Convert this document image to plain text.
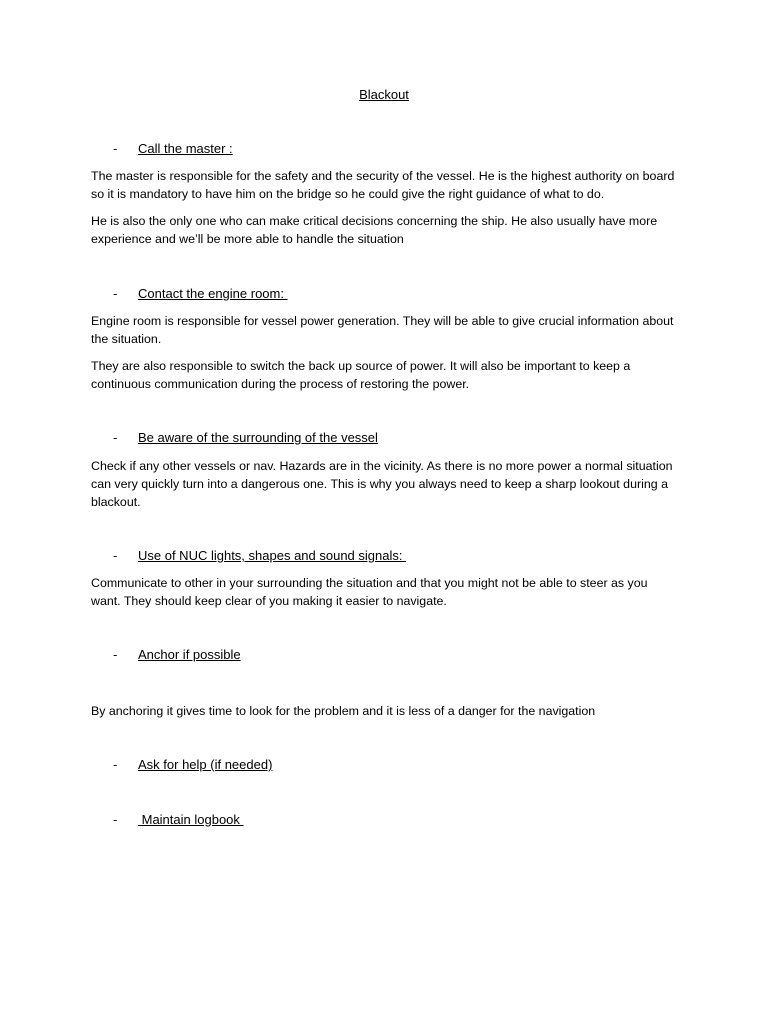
Blackout
- Call the master :
The master is responsible for the safety and the security of the vessel. He is the highest authority on board so it is mandatory to have him on the bridge so he could give the right guidance of what to do.
He is also the only one who can make critical decisions concerning the ship. He also usually have more experience and we’ll be more able to handle the situation
- Contact the engine room:
Engine room is responsible for vessel power generation. They will be able to give crucial information about the situation.
They are also responsible to switch the back up source of power. It will also be important to keep a continuous communication during the process of restoring the power.
- Be aware of the surrounding of the vessel
Check if any other vessels or nav. Hazards are in the vicinity. As there is no more power a normal situation can very quickly turn into a dangerous one. This is why you always need to keep a sharp lookout during a blackout.
- Use of NUC lights, shapes and sound signals:
Communicate to other in your surrounding the situation and that you might not be able to steer as you want. They should keep clear of you making it easier to navigate.
- Anchor if possible
By anchoring it gives time to look for the problem and it is less of a danger for the navigation
- Ask for help (if needed)
- Maintain logbook
